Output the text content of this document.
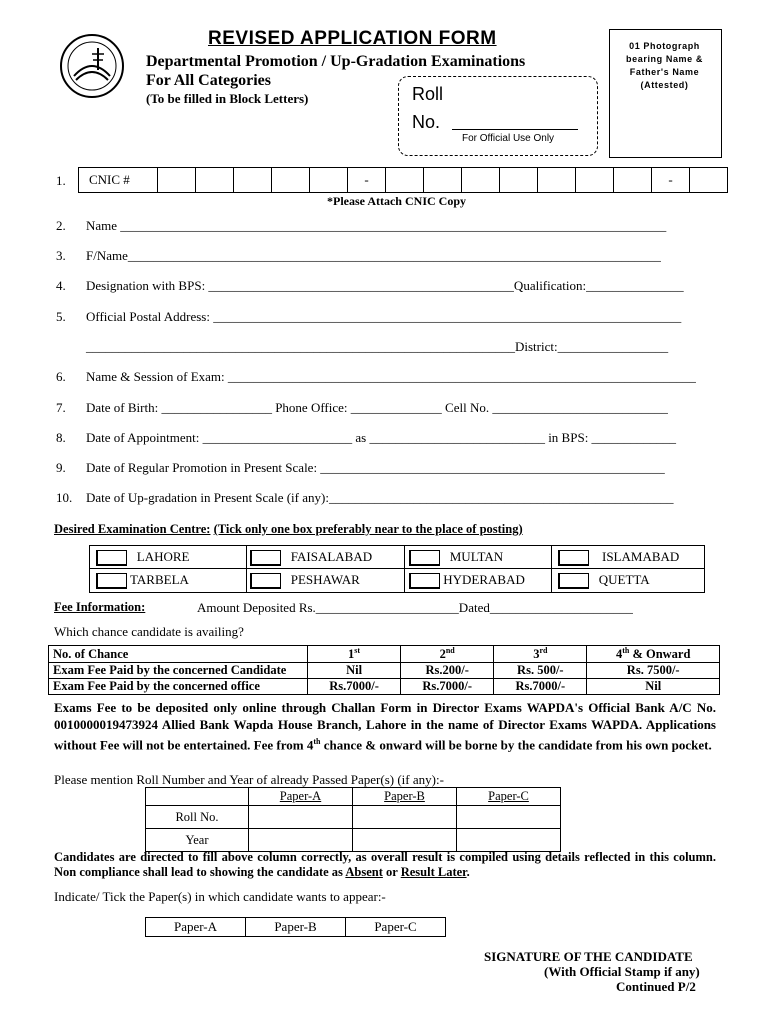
REVISED APPLICATION FORM
Departmental Promotion / Up-Gradation Examinations
For All Categories
(To be filled in Block Letters)	Roll
No.
For Official Use Only
01 Photograph
bearing Name &
Father's Name
(Attested)
1. CNIC #						-								-	
*Please Attach CNIC Copy
2. Name ____________________________________________________________________________________
3. F/Name__________________________________________________________________________________
4. Designation with BPS: _______________________________________________Qualification:_______________
5. Official Postal Address: ________________________________________________________________________
__________________________________________________________________District:_________________
6. Name & Session of Exam: ________________________________________________________________________
7. Date of Birth: _________________ Phone Office: ______________ Cell No. ___________________________
8. Date of Appointment: _______________________ as ___________________________ in BPS: _____________
9. Date of Regular Promotion in Present Scale: _____________________________________________________
10. Date of Up-gradation in Present Scale (if any):_____________________________________________________
Desired Examination Centre: (Tick only one box preferably near to the place of posting)
LAHORE	FAISALABAD	MULTAN	ISLAMABAD
TARBELA	PESHAWAR	HYDERABAD	QUETTA
Fee Information:	Amount Deposited Rs.______________________Dated______________________
Which chance candidate is availing?
No. of Chance	1st	2nd	3rd	4th & Onward
Exam Fee Paid by the concerned Candidate	Nil	Rs.200/-	Rs. 500/-	Rs. 7500/-
Exam Fee Paid by the concerned office	Rs.7000/-	Rs.7000/-	Rs.7000/-	Nil
Exams Fee to be deposited only online through Challan Form in Director Exams WAPDA's Official Bank A/C No. 0010000019473924 Allied Bank Wapda House Branch, Lahore in the name of Director Exams WAPDA. Applications without Fee will not be entertained. Fee from 4th chance & onward will be borne by the candidate from his own pocket.
Please mention Roll Number and Year of already Passed Paper(s) (if any):-
	Paper-A	Paper-B	Paper-C
Roll No.			
Year			
Candidates are directed to fill above column correctly, as overall result is compiled using details reflected in this column. Non compliance shall lead to showing the candidate as Absent or Result Later.
Indicate/ Tick the Paper(s) in which candidate wants to appear:-
Paper-A	Paper-B	Paper-C
SIGNATURE OF THE CANDIDATE
(With Official Stamp if any)
Continued P/2
